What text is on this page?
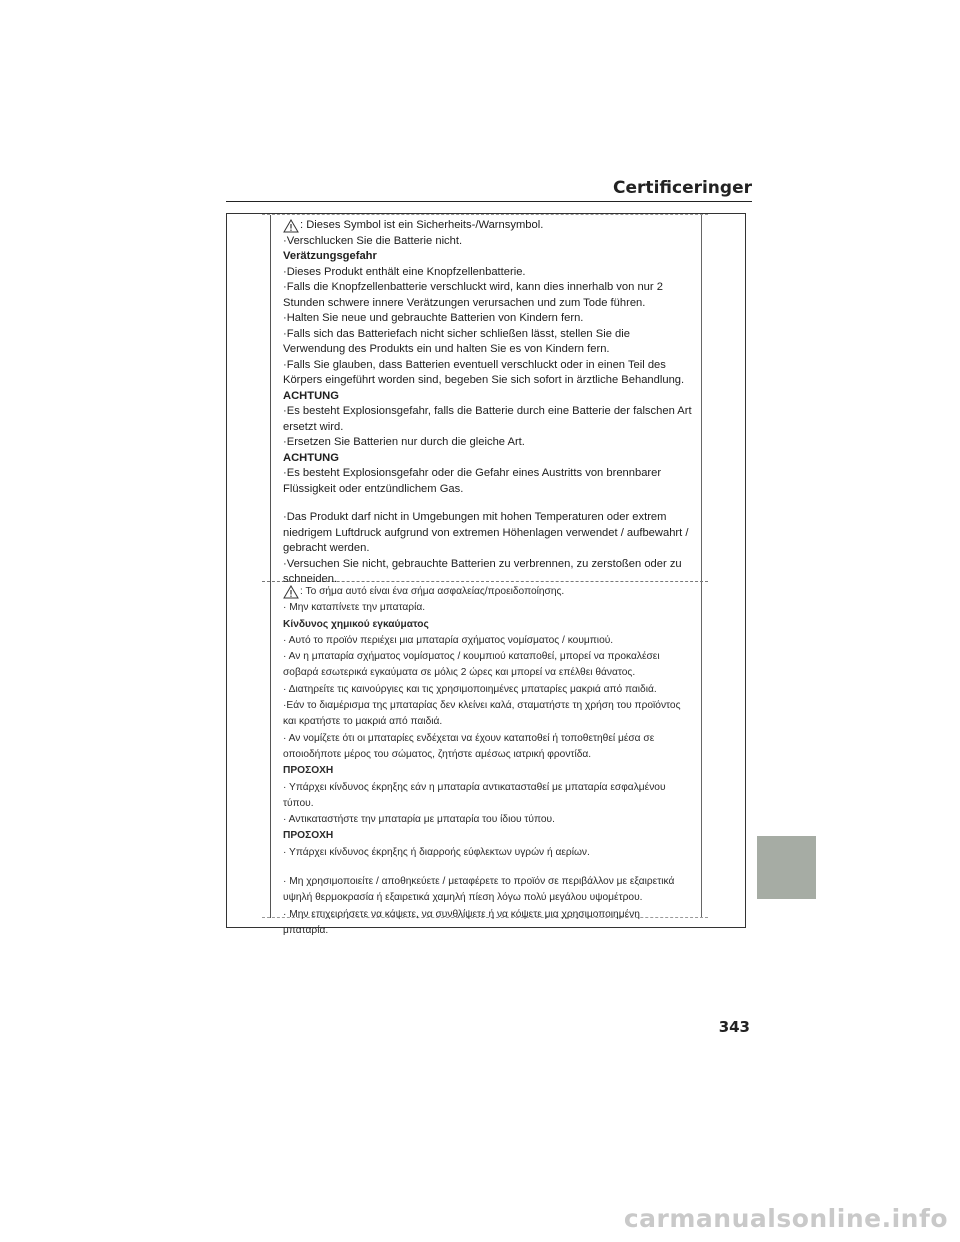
Certificeringer
: Dieses Symbol ist ein Sicherheits-/Warnsymbol.
·Verschlucken Sie die Batterie nicht.
Verätzungsgefahr
·Dieses Produkt enthält eine Knopfzellenbatterie.
·Falls die Knopfzellenbatterie verschluckt wird, kann dies innerhalb von nur 2
Stunden schwere innere Verätzungen verursachen und zum Tode führen.
·Halten Sie neue und gebrauchte Batterien von Kindern fern.
·Falls sich das Batteriefach nicht sicher schließen lässt, stellen Sie die
Verwendung des Produkts ein und halten Sie es von Kindern fern.
·Falls Sie glauben, dass Batterien eventuell verschluckt oder in einen Teil des
Körpers eingeführt worden sind, begeben Sie sich sofort in ärztliche Behandlung.
ACHTUNG
·Es besteht Explosionsgefahr, falls die Batterie durch eine Batterie der falschen Art
ersetzt wird.
·Ersetzen Sie Batterien nur durch die gleiche Art.
ACHTUNG
·Es besteht Explosionsgefahr oder die Gefahr eines Austritts von brennbarer
Flüssigkeit oder entzündlichem Gas.
·Das Produkt darf nicht in Umgebungen mit hohen Temperaturen oder extrem
niedrigem Luftdruck aufgrund von extremen Höhenlagen verwendet / aufbewahrt /
gebracht werden.
·Versuchen Sie nicht, gebrauchte Batterien zu verbrennen, zu zerstoßen oder zu
schneiden.
: Το σήμα αυτό είναι ένα σήμα ασφαλείας/προειδοποίησης.
· Μην καταπίνετε την μπαταρία.
Κίνδυνος χημικού εγκαύματος
· Αυτό το προϊόν περιέχει μια μπαταρία σχήματος νομίσματος / κουμπιού.
· Αν η μπαταρία σχήματος νομίσματος / κουμπιού καταποθεί, μπορεί να προκαλέσει
σοβαρά εσωτερικά εγκαύματα σε μόλις 2 ώρες και μπορεί να επέλθει θάνατος.
· Διατηρείτε τις καινούργιες και τις χρησιμοποιημένες μπαταρίες μακριά από παιδιά.
·Εάν το διαμέρισμα της μπαταρίας δεν κλείνει καλά, σταματήστε τη χρήση του προϊόντος
και κρατήστε το μακριά από παιδιά.
· Αν νομίζετε ότι οι μπαταρίες ενδέχεται να έχουν καταποθεί ή τοποθετηθεί μέσα σε
οποιοδήποτε μέρος του σώματος, ζητήστε αμέσως ιατρική φροντίδα.
ΠΡΟΣΟΧΗ
· Υπάρχει κίνδυνος έκρηξης εάν η μπαταρία αντικατασταθεί με μπαταρία εσφαλμένου
τύπου.
· Αντικαταστήστε την μπαταρία με μπαταρία του ίδιου τύπου.
ΠΡΟΣΟΧΗ
· Υπάρχει κίνδυνος έκρηξης ή διαρροής εύφλεκτων υγρών ή αερίων.
· Μη χρησιμοποιείτε / αποθηκεύετε / μεταφέρετε το προϊόν σε περιβάλλον με εξαιρετικά
υψηλή θερμοκρασία ή εξαιρετικά χαμηλή πίεση λόγω πολύ μεγάλου υψομέτρου.
· Μην επιχειρήσετε να κάψετε, να συνθλίψετε ή να κόψετε μια χρησιμοποιημένη
μπαταρία.
343
carmanualsonline.info
